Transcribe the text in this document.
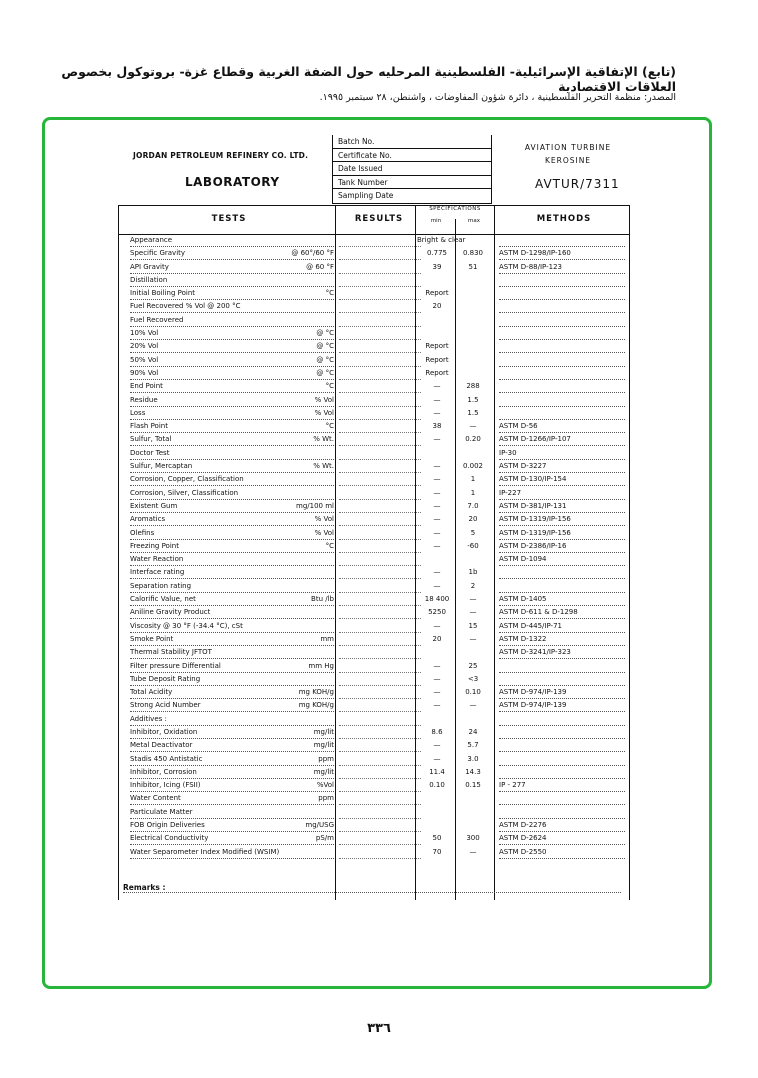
(تابع) الإتفاقية الإسرائيلية- الفلسطينية المرحليه حول الضفة الغربية وقطاع غزة- بروتوكول بخصوص العلاقات الاقتصادية
المصدر: منظمة التحرير الفلسطينية ، دائرة شؤون المفاوضات ، واشنطن، ٢٨ سبتمبر ١٩٩٥.
JORDAN PETROLEUM REFINERY CO. LTD.
LABORATORY
Batch No.
Certificate No.
Date Issued
Tank Number
Sampling Date
AVIATION TURBINE KEROSINE
AVTUR/7311
TESTS	RESULTS
SPECIFICATIONS
min	max	METHODS
Appearance	Bright & clear
Specific Gravity	@ 60°/60 °F	0.775	0.830	ASTM D-1298/IP-160
API Gravity	@ 60 °F	39	51	ASTM D-88/IP-123
Distillation
Initial Boiling Point	°C	Report
Fuel Recovered % Vol @ 200 °C	20
Fuel Recovered
10% Vol	@ °C
20% Vol	@ °C	Report
50% Vol	@ °C	Report
90% Vol	@ °C	Report
End Point	°C	—	288
Residue	% Vol	—	1.5
Loss	% Vol	—	1.5
Flash Point	°C	38	—	ASTM D-56
Sulfur, Total	% Wt.	—	0.20	ASTM D-1266/IP-107
Doctor Test	IP-30
Sulfur, Mercaptan	% Wt.	—	0.002	ASTM D-3227
Corrosion, Copper, Classification	—	1	ASTM D-130/IP-154
Corrosion, Silver, Classification	—	1	IP-227
Existent Gum	mg/100 ml	—	7.0	ASTM D-381/IP-131
Aromatics	% Vol	—	20	ASTM D-1319/IP-156
Olefins	% Vol	—	5	ASTM D-1319/IP-156
Freezing Point	°C	—	-60	ASTM D-2386/IP-16
Water Reaction	ASTM D-1094
Interface rating	—	1b
Separation rating	—	2
Calorific Value, net	Btu /lb	18 400	—	ASTM D-1405
Aniline Gravity Product	5250	—	ASTM D-611 & D-1298
Viscosity @ 30 °F (-34.4 °C), cSt	—	15	ASTM D-445/IP-71
Smoke Point	mm	20	—	ASTM D-1322
Thermal Stability JFTOT	ASTM D-3241/IP-323
Filter pressure Differential	mm Hg	—	25
Tube Deposit Rating	—	<3
Total Acidity	mg KOH/g	—	0.10	ASTM D-974/IP-139
Strong Acid Number	mg KOH/g	—	—	ASTM D-974/IP-139
Additives :
Inhibitor, Oxidation	mg/lit	8.6	24
Metal Deactivator	mg/lit	—	5.7
Stadis 450 Antistatic	ppm	—	3.0
Inhibitor, Corrosion	mg/lit	11.4	14.3
Inhibitor, Icing (FSII)	%Vol	0.10	0.15	IP - 277
Water Content	ppm
Particulate Matter
FOB Origin Deliveries	mg/USG	ASTM D-2276
Electrical Conductivity	pS/m	50	300	ASTM D-2624
Water Separometer Index Modified (WSIM)	70	—	ASTM D-2550
Remarks :
٣٣٦
